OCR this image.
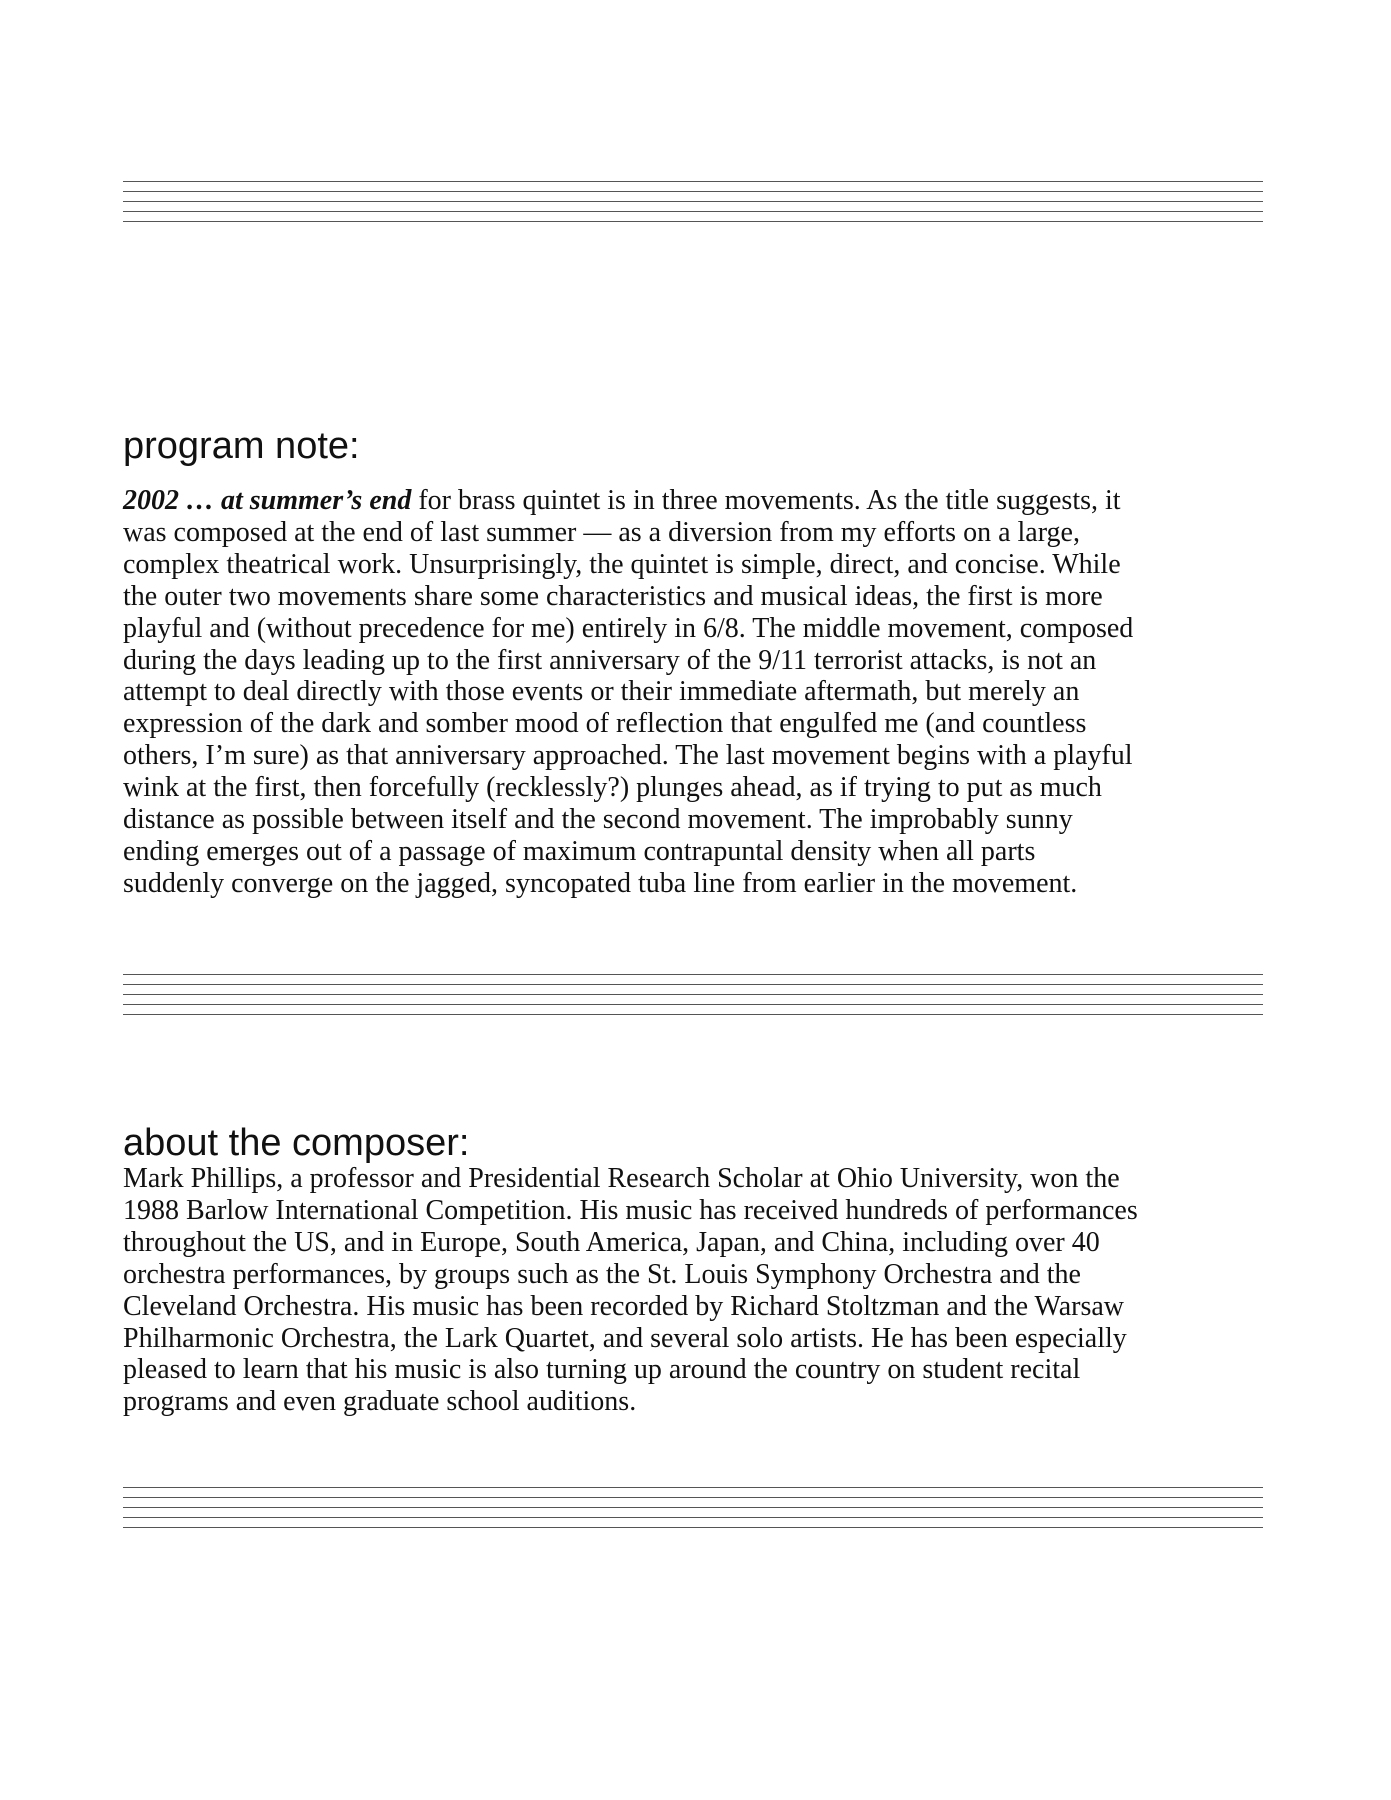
program note:

2002 … at summer’s end for brass quintet is in three movements. As the title suggests, it
was composed at the end of last summer — as a diversion from my efforts on a large,
complex theatrical work. Unsurprisingly, the quintet is simple, direct, and concise. While
the outer two movements share some characteristics and musical ideas, the first is more
playful and (without precedence for me) entirely in 6/8. The middle movement, composed
during the days leading up to the first anniversary of the 9/11 terrorist attacks, is not an
attempt to deal directly with those events or their immediate aftermath, but merely an
expression of the dark and somber mood of reflection that engulfed me (and countless
others, I’m sure) as that anniversary approached. The last movement begins with a playful
wink at the first, then forcefully (recklessly?) plunges ahead, as if trying to put as much
distance as possible between itself and the second movement. The improbably sunny
ending emerges out of a passage of maximum contrapuntal density when all parts
suddenly converge on the jagged, syncopated tuba line from earlier in the movement.

about the composer:

Mark Phillips, a professor and Presidential Research Scholar at Ohio University, won the
1988 Barlow International Competition. His music has received hundreds of performances
throughout the US, and in Europe, South America, Japan, and China, including over 40
orchestra performances, by groups such as the St. Louis Symphony Orchestra and the
Cleveland Orchestra. His music has been recorded by Richard Stoltzman and the Warsaw
Philharmonic Orchestra, the Lark Quartet, and several solo artists. He has been especially
pleased to learn that his music is also turning up around the country on student recital
programs and even graduate school auditions.
